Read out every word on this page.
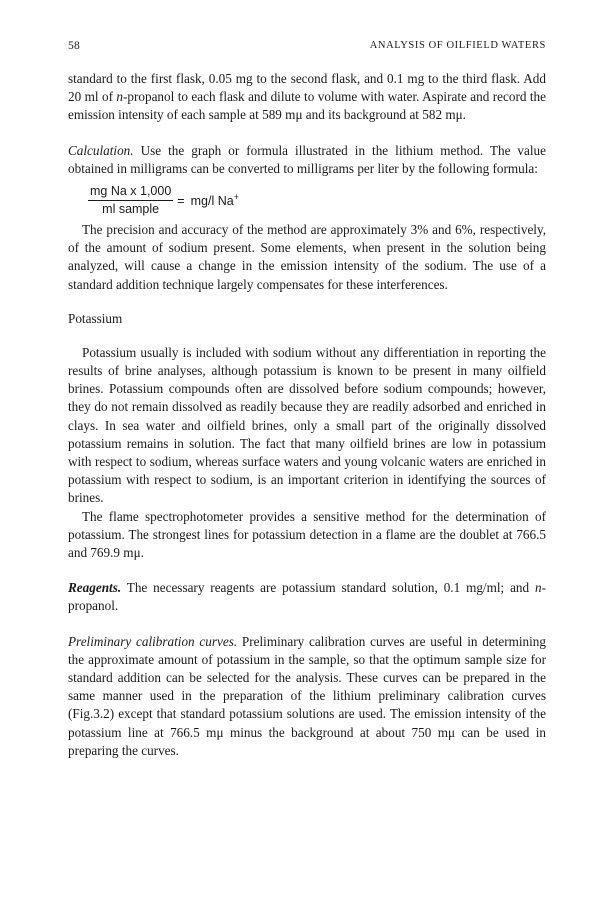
58	ANALYSIS OF OILFIELD WATERS

standard to the first flask, 0.05 mg to the second flask, and 0.1 mg to the third flask. Add 20 ml of n-propanol to each flask and dilute to volume with water. Aspirate and record the emission intensity of each sample at 589 mμ and its background at 582 mμ.

Calculation. Use the graph or formula illustrated in the lithium method. The value obtained in milligrams can be converted to milligrams per liter by the following formula:

$\frac{\text{mg Na x 1,000}}{\text{ml sample}} = mg/l$ Na+

The precision and accuracy of the method are approximately 3% and 6%, respectively, of the amount of sodium present. Some elements, when present in the solution being analyzed, will cause a change in the emission intensity of the sodium. The use of a standard addition technique largely compensates for these interferences.

Potassium

Potassium usually is included with sodium without any differentiation in reporting the results of brine analyses, although potassium is known to be present in many oilfield brines. Potassium compounds often are dissolved before sodium compounds; however, they do not remain dissolved as readily because they are readily adsorbed and enriched in clays. In sea water and oilfield brines, only a small part of the originally dissolved potassium remains in solution. The fact that many oilfield brines are low in potassium with respect to sodium, whereas surface waters and young volcanic waters are enriched in potassium with respect to sodium, is an important criterion in identifying the sources of brines.

The flame spectrophotometer provides a sensitive method for the determination of potassium. The strongest lines for potassium detection in a flame are the doublet at 766.5 and 769.9 mμ.

Reagents. The necessary reagents are potassium standard solution, 0.1 mg/ml; and n-propanol.

Preliminary calibration curves. Preliminary calibration curves are useful in determining the approximate amount of potassium in the sample, so that the optimum sample size for standard addition can be selected for the analysis. These curves can be prepared in the same manner used in the preparation of the lithium preliminary calibration curves (Fig.3.2) except that standard potassium solutions are used. The emission intensity of the potassium line at 766.5 mμ minus the background at about 750 mμ can be used in preparing the curves.
